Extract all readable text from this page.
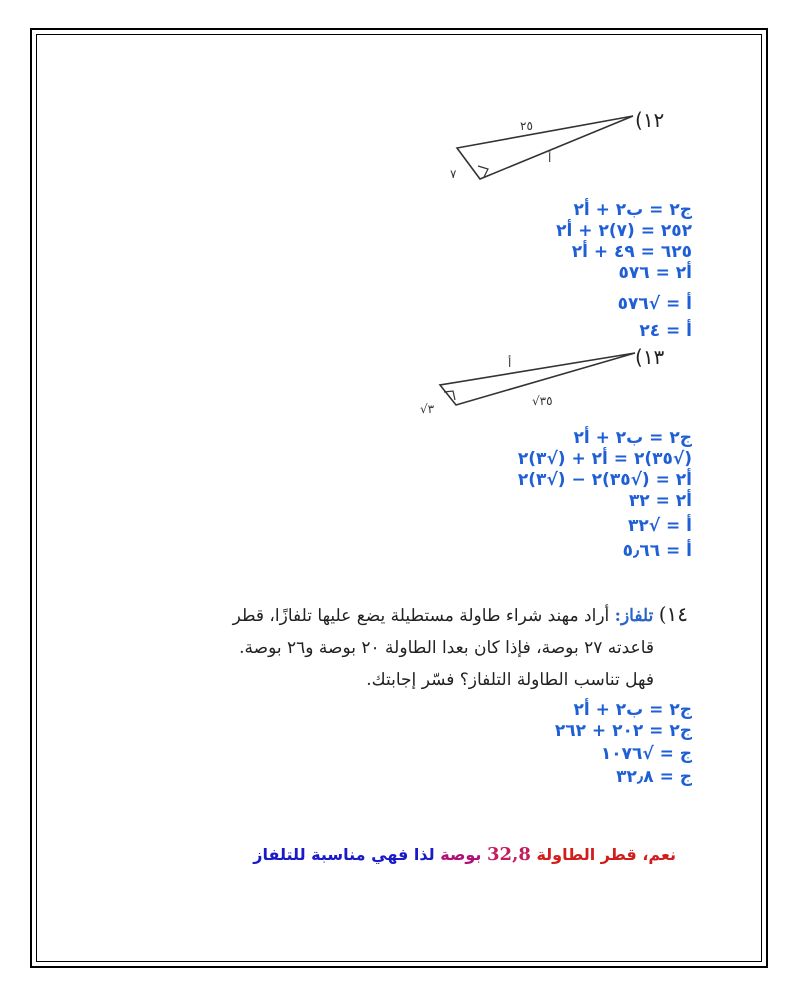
١٢)
٢٥
أ
٧
ج٢ = ب٢ + أ٢
٢٥٢ = (٧)٢ + أ٢
٦٢٥ = ٤٩ + أ٢
أ٢ = ٥٧٦
أ = √٥٧٦
أ = ٢٤
١٣)
أ
√٣
√٣٥
ج٢ = ب٢ + أ٢
(√٣٥)٢ = أ٢ + (√٣)٢
أ٢ = (√٣٥)٢ − (√٣)٢
أ٢ = ٣٢
أ = √٣٢
أ = ٥٫٦٦
١٤) تلفاز: أراد مهند شراء طاولة مستطيلة يضع عليها تلفازًا، قطر
قاعدته ٢٧ بوصة، فإذا كان بعدا الطاولة ٢٠ بوصة و٢٦ بوصة.
فهل تناسب الطاولة التلفاز؟ فسّر إجابتك.
ج٢ = ب٢ + أ٢
ج٢ = ٢٠٢ + ٢٦٢
ج = √١٠٧٦
ج = ٣٢٫٨
نعم، قطر الطاولة 32,8 بوصة لذا فهي مناسبة للتلفاز
